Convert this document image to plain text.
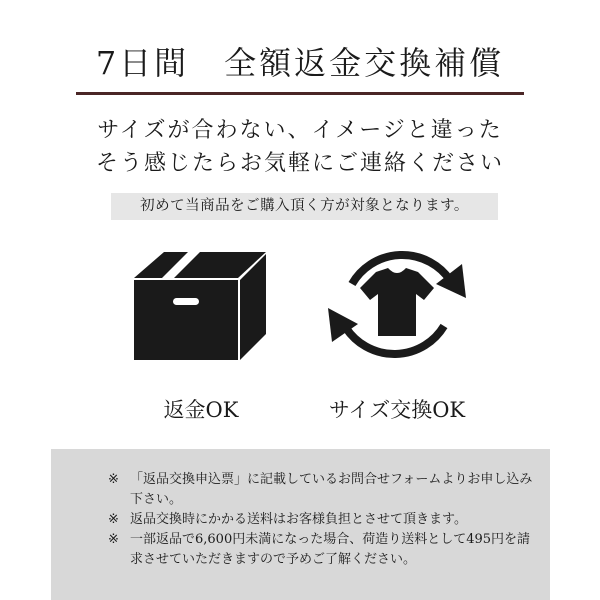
7日間　全額返金交換補償
サイズが合わない、イメージと違った
そう感じたらお気軽にご連絡ください
初めて当商品をご購入頂く方が対象となります。
返金OK	サイズ交換OK
※ 「返品交換申込票」に記載しているお問合せフォームよりお申し込み下さい。
※ 返品交換時にかかる送料はお客様負担とさせて頂きます。
※ 一部返品で6,600円未満になった場合、荷造り送料として495円を請求させていただきますので予めご了解ください。
